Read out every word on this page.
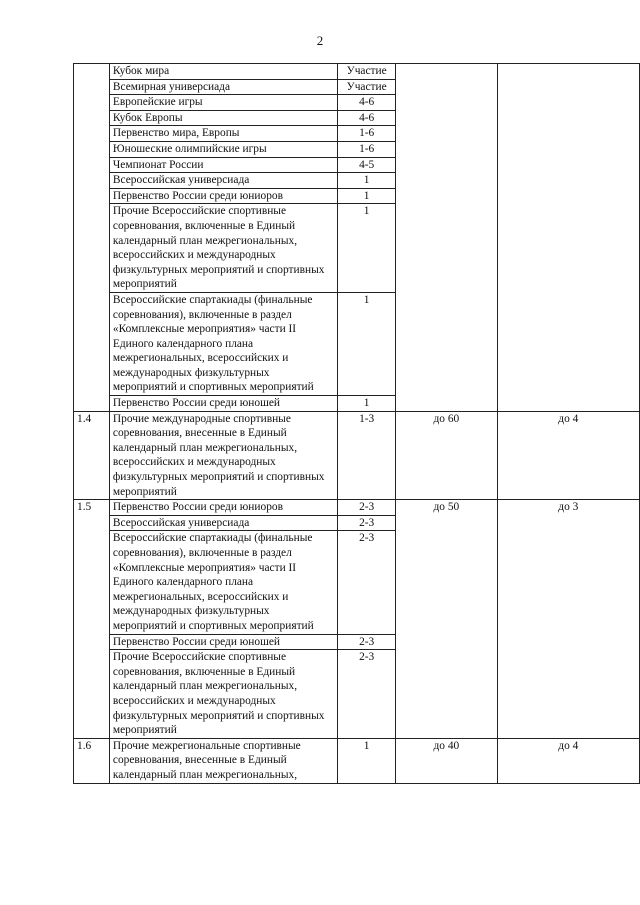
2
	Кубок мира	Участие		
	Всемирная универсиада	Участие		
	Европейские игры	4-6		
	Кубок Европы	4-6		
	Первенство мира, Европы	1-6		
	Юношеские олимпийские игры	1-6		
	Чемпионат России	4-5		
	Всероссийская универсиада	1		
	Первенство России среди юниоров	1		
	Прочие Всероссийские спортивные соревнования, включенные в Единый календарный план межрегиональных, всероссийских и международных физкультурных мероприятий и спортивных мероприятий	1		
	Всероссийские спартакиады (финальные соревнования), включенные в раздел «Комплексные мероприятия» части II Единого календарного плана межрегиональных, всероссийских и международных физкультурных мероприятий и спортивных мероприятий	1		
	Первенство России среди юношей	1		
1.4	Прочие международные спортивные соревнования, внесенные в Единый календарный план межрегиональных, всероссийских и международных физкультурных мероприятий и спортивных мероприятий	1-3	до 60	до 4
1.5	Первенство России среди юниоров	2-3	до 50	до 3
	Всероссийская универсиада	2-3		
	Всероссийские спартакиады (финальные соревнования), включенные в раздел «Комплексные мероприятия» части II Единого календарного плана межрегиональных, всероссийских и международных физкультурных мероприятий и спортивных мероприятий	2-3		
	Первенство России среди юношей	2-3		
	Прочие Всероссийские спортивные соревнования, включенные в Единый календарный план межрегиональных, всероссийских и международных физкультурных мероприятий и спортивных мероприятий	2-3		
1.6	Прочие межрегиональные спортивные соревнования, внесенные в Единый календарный план межрегиональных,	1	до 40	до 4
